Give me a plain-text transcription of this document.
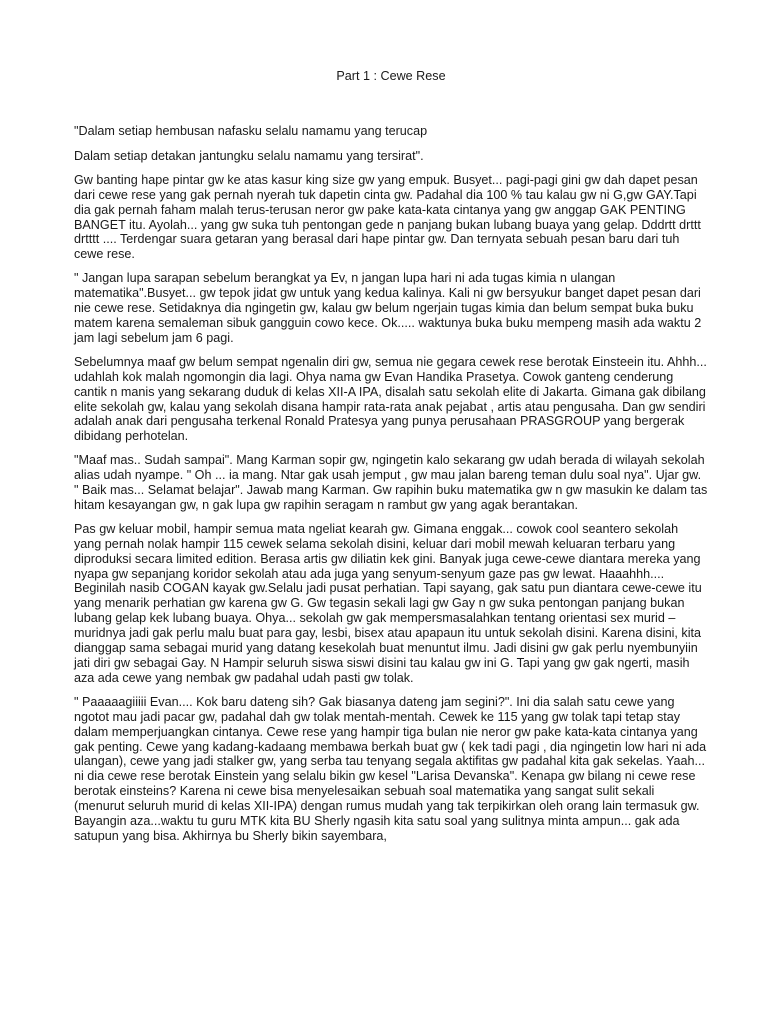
Part 1 : Cewe Rese

"Dalam setiap hembusan nafasku selalu namamu yang terucap

Dalam setiap detakan jantungku selalu namamu yang tersirat".

Gw banting hape pintar gw ke atas kasur king size gw yang empuk. Busyet... pagi-pagi gini gw dah dapet pesan dari cewe rese yang gak pernah nyerah tuk dapetin cinta gw. Padahal dia 100 % tau kalau gw ni G,gw GAY.Tapi dia gak pernah faham malah terus-terusan neror gw pake kata-kata cintanya yang gw anggap GAK PENTING BANGET itu. Ayolah... yang gw suka tuh pentongan gede n panjang bukan lubang buaya yang gelap. Dddrtt drttt drtttt .... Terdengar suara getaran yang berasal dari hape pintar gw. Dan ternyata sebuah pesan baru dari tuh cewe rese.

" Jangan lupa sarapan sebelum berangkat ya Ev, n jangan lupa hari ni ada tugas kimia n ulangan matematika".Busyet... gw tepok jidat gw untuk yang kedua kalinya. Kali ni gw bersyukur banget dapet pesan dari nie cewe rese. Setidaknya dia ngingetin gw, kalau gw belum ngerjain tugas kimia dan belum sempat buka buku matem karena semaleman sibuk gangguin cowo kece. Ok..... waktunya buka buku mempeng masih ada waktu 2 jam lagi sebelum jam 6 pagi.

Sebelumnya maaf gw belum sempat ngenalin diri gw, semua nie gegara cewek rese berotak Einsteein itu. Ahhh... udahlah kok malah ngomongin dia lagi. Ohya nama gw Evan Handika Prasetya. Cowok ganteng cenderung cantik n manis yang sekarang duduk di kelas XII-A IPA, disalah satu sekolah elite di Jakarta. Gimana gak dibilang elite sekolah gw, kalau yang sekolah disana hampir rata-rata anak pejabat , artis atau pengusaha. Dan gw sendiri adalah anak dari pengusaha terkenal Ronald Pratesya yang punya perusahaan PRASGROUP yang bergerak dibidang perhotelan.

"Maaf mas.. Sudah sampai". Mang Karman sopir gw, ngingetin kalo sekarang gw udah berada di wilayah sekolah alias udah nyampe. " Oh ... ia mang. Ntar gak usah jemput , gw mau jalan bareng teman dulu soal nya". Ujar gw. " Baik mas... Selamat belajar". Jawab mang Karman. Gw rapihin buku matematika gw n gw masukin ke dalam tas hitam kesayangan gw, n gak lupa gw rapihin seragam n rambut gw yang agak berantakan.

Pas gw keluar mobil, hampir semua mata ngeliat kearah gw. Gimana enggak... cowok cool seantero sekolah yang pernah nolak hampir 115 cewek selama sekolah disini, keluar dari mobil mewah keluaran terbaru yang diproduksi secara limited edition. Berasa artis gw diliatin kek gini. Banyak juga cewe-cewe diantara mereka yang nyapa gw sepanjang koridor sekolah atau ada juga yang senyum-senyum gaze pas gw lewat. Haaahhh.... Beginilah nasib COGAN kayak gw.Selalu jadi pusat perhatian. Tapi sayang, gak satu pun diantara cewe-cewe itu yang menarik perhatian gw karena gw G. Gw tegasin sekali lagi gw Gay n gw suka pentongan panjang bukan lubang gelap kek lubang buaya. Ohya... sekolah gw gak mempersmasalahkan tentang orientasi sex murid –muridnya jadi gak perlu malu buat para gay, lesbi, bisex atau apapaun itu untuk sekolah disini. Karena disini, kita dianggap sama sebagai murid yang datang kesekolah buat menuntut ilmu. Jadi disini gw gak perlu nyembunyiin jati diri gw sebagai Gay. N Hampir seluruh siswa siswi disini tau kalau gw ini G. Tapi yang gw gak ngerti, masih aza ada cewe yang nembak gw padahal udah pasti gw tolak.

" Paaaaagiiiii Evan.... Kok baru dateng sih? Gak biasanya dateng jam segini?". Ini dia salah satu cewe yang ngotot mau jadi pacar gw, padahal dah gw tolak mentah-mentah. Cewek ke 115 yang gw tolak tapi tetap stay dalam memperjuangkan cintanya. Cewe rese yang hampir tiga bulan nie neror gw pake kata-kata cintanya yang gak penting. Cewe yang kadang-kadaang membawa berkah buat gw ( kek tadi pagi , dia ngingetin low hari ni ada ulangan), cewe yang jadi stalker gw, yang serba tau tenyang segala aktifitas gw padahal kita gak sekelas. Yaah... ni dia cewe rese berotak Einstein yang selalu bikin gw kesel "Larisa Devanska". Kenapa gw bilang ni cewe rese berotak einsteins? Karena ni cewe bisa menyelesaikan sebuah soal matematika yang sangat sulit sekali (menurut seluruh murid di kelas XII-IPA) dengan rumus mudah yang tak terpikirkan oleh orang lain termasuk gw. Bayangin aza...waktu tu guru MTK kita BU Sherly ngasih kita satu soal yang sulitnya minta ampun... gak ada satupun yang bisa. Akhirnya bu Sherly bikin sayembara,
